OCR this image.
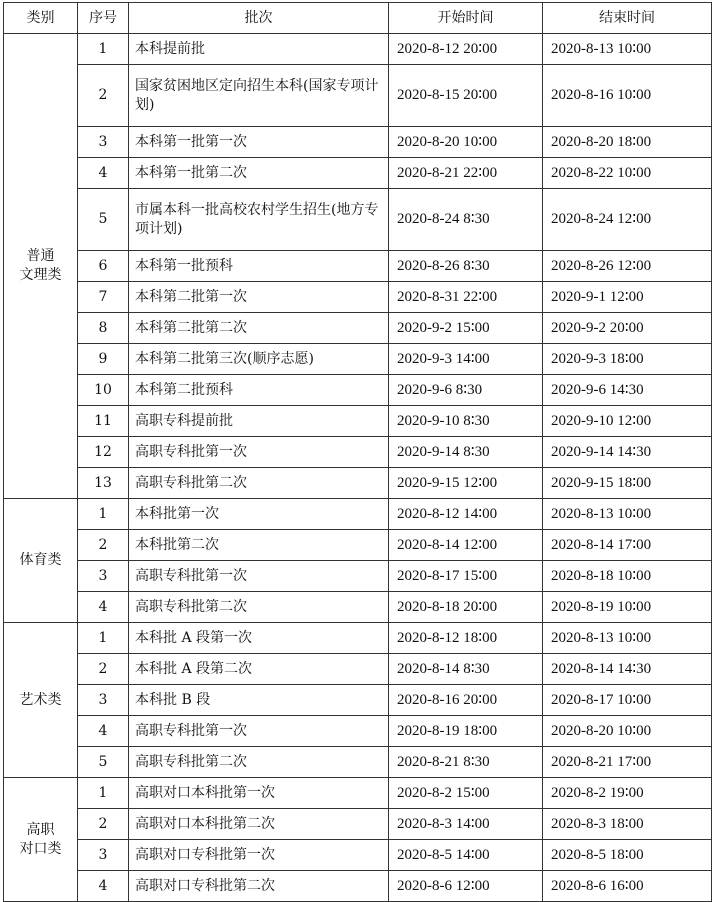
类别	序号	批次	开始时间	结束时间

普通
文理类	1	本科提前批	2020-8-12 20∶00	2020-8-13 10∶00
	2	国家贫困地区定向招生本科(国家专项计划)	2020-8-15 20∶00	2020-8-16 10∶00
	3	本科第一批第一次	2020-8-20 10∶00	2020-8-20 18∶00
	4	本科第一批第二次	2020-8-21 22∶00	2020-8-22 10∶00
	5	市属本科一批高校农村学生招生(地方专项计划)	2020-8-24 8∶30	2020-8-24 12∶00
	6	本科第一批预科	2020-8-26 8∶30	2020-8-26 12∶00
	7	本科第二批第一次	2020-8-31 22∶00	2020-9-1 12∶00
	8	本科第二批第二次	2020-9-2 15∶00	2020-9-2 20∶00
	9	本科第二批第三次(顺序志愿)	2020-9-3 14∶00	2020-9-3 18∶00
	10	本科第二批预科	2020-9-6 8∶30	2020-9-6 14∶30
	11	高职专科提前批	2020-9-10 8∶30	2020-9-10 12∶00
	12	高职专科批第一次	2020-9-14 8∶30	2020-9-14 14∶30
	13	高职专科批第二次	2020-9-15 12∶00	2020-9-15 18∶00

体育类	1	本科批第一次	2020-8-12 14∶00	2020-8-13 10∶00
	2	本科批第二次	2020-8-14 12∶00	2020-8-14 17∶00
	3	高职专科批第一次	2020-8-17 15∶00	2020-8-18 10∶00
	4	高职专科批第二次	2020-8-18 20∶00	2020-8-19 10∶00

艺术类	1	本科批 A 段第一次	2020-8-12 18∶00	2020-8-13 10∶00
	2	本科批 A 段第二次	2020-8-14 8∶30	2020-8-14 14∶30
	3	本科批 B 段	2020-8-16 20∶00	2020-8-17 10∶00
	4	高职专科批第一次	2020-8-19 18∶00	2020-8-20 10∶00
	5	高职专科批第二次	2020-8-21 8∶30	2020-8-21 17∶00

高职
对口类	1	高职对口本科批第一次	2020-8-2 15∶00	2020-8-2 19∶00
	2	高职对口本科批第二次	2020-8-3 14∶00	2020-8-3 18∶00
	3	高职对口专科批第一次	2020-8-5 14∶00	2020-8-5 18∶00
	4	高职对口专科批第二次	2020-8-6 12∶00	2020-8-6 16∶00
